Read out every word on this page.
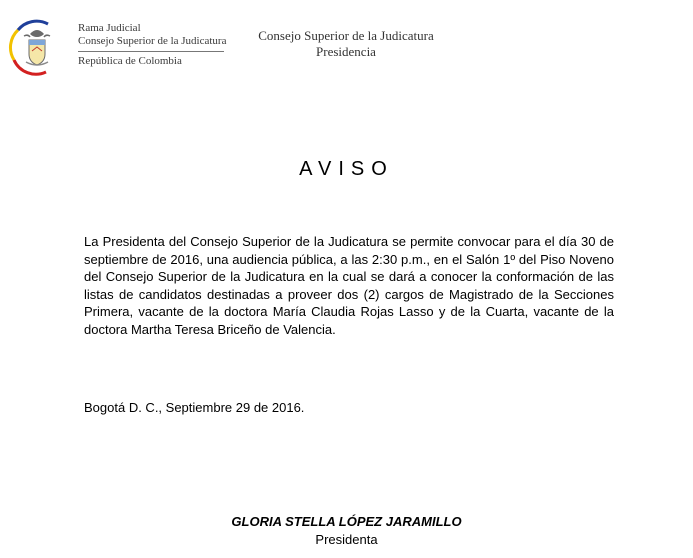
Rama Judicial
Consejo Superior de la Judicatura
República de Colombia
Consejo Superior de la Judicatura
Presidencia
AVISO
La Presidenta del Consejo Superior de la Judicatura se permite convocar para el día 30 de septiembre de 2016, una audiencia pública, a las 2:30 p.m., en el Salón 1º del Piso Noveno del Consejo Superior de la Judicatura en la cual se dará a conocer la conformación de las listas de candidatos destinadas a proveer dos (2) cargos de Magistrado de la Secciones Primera, vacante de la doctora María Claudia Rojas Lasso y de la Cuarta, vacante de la doctora Martha Teresa Briceño de Valencia.
Bogotá D. C., Septiembre 29 de 2016.
GLORIA STELLA LÓPEZ JARAMILLO
Presidenta
